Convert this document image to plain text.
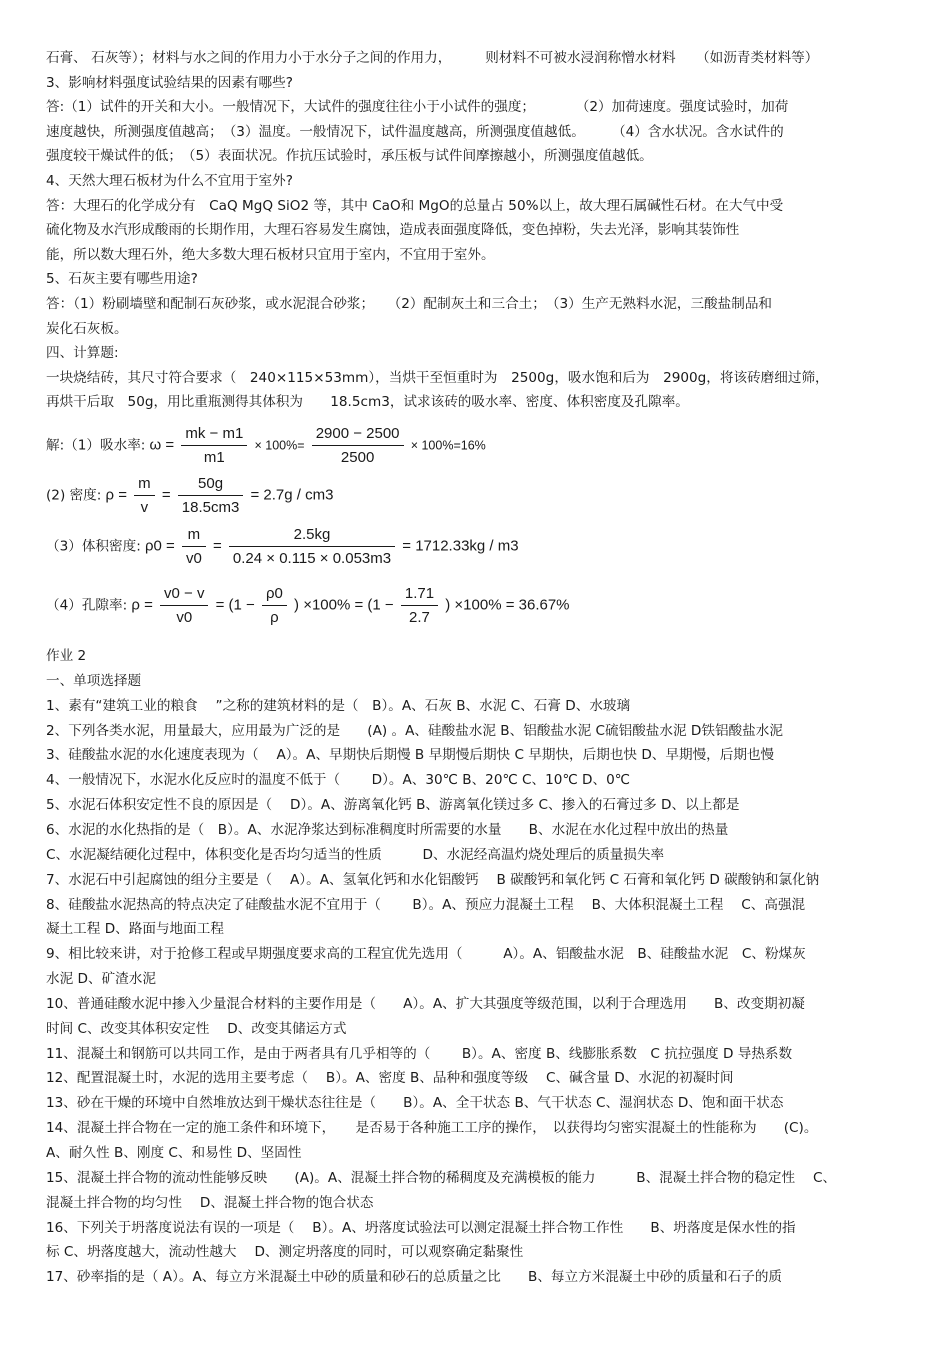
石膏、 石灰等）；材料与水之间的作用力小于水分子之间的作用力，　　　则材料不可被水浸润称憎水材料　　（如沥青类材料等）
3、影响材料强度试验结果的因素有哪些?
答:（1）试件的开关和大小。一般情况下，大试件的强度往往小于小试件的强度；　　　　（2）加荷速度。强度试验时，加荷
速度越快，所测强度值越高；　（3）温度。一般情况下，试件温度越高，所测强度值越低。　　　（4）含水状况。含水试件的
强度较干燥试件的低；　（5）表面状况。作抗压试验时，承压板与试件间摩擦越小，所测强度值越低。
4、天然大理石板材为什么不宜用于室外?
答：大理石的化学成分有　CaQ MgQ SiO2 等，其中 CaO和 MgO的总量占 50%以上，故大理石属碱性石材。在大气中受
硫化物及水汽形成酸雨的长期作用，大理石容易发生腐蚀，造成表面强度降低，变色掉粉，失去光泽，影响其装饰性
能，所以数大理石外，绝大多数大理石板材只宜用于室内，不宜用于室外。
5、石灰主要有哪些用途?
答：（1）粉刷墙壁和配制石灰砂浆，或水泥混合砂浆；　　（2）配制灰土和三合土；　（3）生产无熟料水泥，三酸盐制品和
炭化石灰板。
四、计算题:
一块烧结砖，其尺寸符合要求（　240×115×53mm），当烘干至恒重时为　2500g，吸水饱和后为　2900g，将该砖磨细过筛，
再烘干后取　50g，用比重瓶测得其体积为　　18.5cm3，试求该砖的吸水率、密度、体积密度及孔隙率。
解:（1）吸水率: $\omega = \frac{mk - m1}{m1} \times 100\%= \frac{2900 - 2500}{2500} \times 100\%=16\%$
(2) 密度: $\rho = \frac{m}{v} = \frac{50g}{18.5cm3} = 2.7g / cm3$
（3）体积密度: $\rho 0 = \frac{m}{v0} = \frac{2.5kg}{0.24 \times 0.115 \times 0.053m3} = 1712.33kg / m3$
（4）孔隙率: $\rho = \frac{v0 - v}{v0} = (1 - \frac{\rho 0}{\rho}$ ) $\times 100\% = (1 - \frac{1.71}{2.7}$ ) ×100% = 36.67%
作业 2
一、单项选择题
1、素有“建筑工业的粮食　 ”之称的建筑材料的是（　B）。A、石灰 B、水泥 C、石膏 D、水玻璃
2、下列各类水泥，用量最大，应用最为广泛的是　　(A) 。A、硅酸盐水泥 B、铝酸盐水泥 C硫铝酸盐水泥 D铁铝酸盐水泥
3、硅酸盐水泥的水化速度表现为（　 A）。A、早期快后期慢 B 早期慢后期快 C 早期快，后期也快 D、早期慢，后期也慢
4、一般情况下，水泥水化反应时的温度不低于（　　 D）。A、30℃ B、20℃ C、10℃ D、0℃
5、水泥石体积安定性不良的原因是（　 D）。A、游离氧化钙 B、游离氧化镁过多 C、掺入的石膏过多 D、以上都是
6、水泥的水化热指的是（　B）。A、水泥净浆达到标准稠度时所需要的水量　　B、水泥在水化过程中放出的热量
C、水泥凝结硬化过程中，体积变化是否均匀适当的性质　　　D、水泥经高温灼烧处理后的质量损失率
7、水泥石中引起腐蚀的组分主要是（　 A）。A、氢氧化钙和水化铝酸钙　 B 碳酸钙和氧化钙 C 石膏和氧化钙 D 碳酸钠和氯化钠
8、硅酸盐水泥热高的特点决定了硅酸盐水泥不宜用于（　　 B）。A、预应力混凝土工程　 B、大体积混凝土工程　 C、高强混
凝土工程 D、路面与地面工程
9、相比较来讲，对于抢修工程或早期强度要求高的工程宜优先选用（　　　A）。A、铝酸盐水泥　B、硅酸盐水泥　C、粉煤灰
水泥 D、矿渣水泥
10、普通硅酸水泥中掺入少量混合材料的主要作用是（　　A）。A、扩大其强度等级范围，以利于合理选用　　B、改变期初凝
时间 C、改变其体积安定性　 D、改变其储运方式
11、混凝土和钢筋可以共同工作，是由于两者具有几乎相等的（　　 B）。A、密度 B、线膨胀系数　C 抗拉强度 D 导热系数
12、配置混凝土时，水泥的选用主要考虑（　 B）。A、密度 B、品种和强度等级　 C、碱含量 D、水泥的初凝时间
13、砂在干燥的环境中自然堆放达到干燥状态往往是（　　B）。A、全干状态 B、气干状态 C、湿润状态 D、饱和面干状态
14、混凝土拌合物在一定的施工条件和环境下，　　是否易于各种施工工序的操作，　以获得均匀密实混凝土的性能称为　　(C)。
A、耐久性 B、刚度 C、和易性 D、坚固性
15、混凝土拌合物的流动性能够反映　　(A)。A、混凝土拌合物的稀稠度及充满模板的能力　　　B、混凝土拌合物的稳定性　 C、
混凝土拌合物的均匀性　 D、混凝土拌合物的饱合状态
16、下列关于坍落度说法有误的一项是（　 B）。A、坍落度试验法可以测定混凝土拌合物工作性　　B、坍落度是保水性的指
标 C、坍落度越大，流动性越大　 D、测定坍落度的同时，可以观察确定黏聚性
17、砂率指的是（ A）。A、每立方米混凝土中砂的质量和砂石的总质量之比　　B、每立方米混凝土中砂的质量和石子的质
